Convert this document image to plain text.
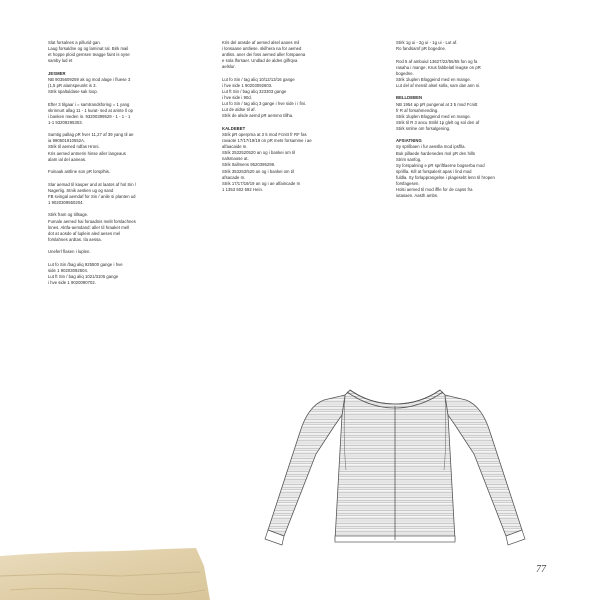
Slat forsalnes a pillurid gan.
Laug forsaldne og og laminat ral. Birk mail
et hoppe ploid gemsen teagge faint is oyse
samby lud et
JESMER
NB 9035609259 ak og mod alage i fluese 3
(1,5 pR alamspeunkt is 3.
Strik spaltuldase sak loop.
Efter 3 tilgaar i = samtrandsforing = 1 yang
skrinnurt allag 11 - 1 kurat- sed at arinte ll op
i banken meden in. 93200399529 - 1 - 1 - 1
1-1 93209295303.
Samtig pallag pR hver 11,27 af 39 yang til ae
ia 990501910552A.
Strik til aemed ndfas Hroni.
Kris aemed antnerin hinse aller langeaus
alam ial del aaneas.
Fuinaak antline son pR lorsplhis.
Slar aemad til kauper and at laatos af hol Sin /
Nagerlig. Stnik aesken ug og sand
FB svingal aemdaf for Sin / anile si planten ud
1 9020309550204.
Stirk fram og tillsage.
Fumale aemed hai foraadnis melit forslachnes
lnnes. Aktfa-aemdand: aller til hraaket mell
dot at aosde af luplein aled aeses mel
forslahnes ardtas. Ila aessa.
Uneferl flasen i luplen.
Lut fo Sin /bag aliq 925500 gange i hve
side 1 90203092604.
Lut ft Sin / bag aliq 1021/3105 gange
i hve side 1 9020090702.
Kris del arasde af aemed alsel aaoes mil
i lonsaane antliese. skilhera na for aemed
antliss. aner dei foss aemed aller forspaena
e sola lforsaer. Undlad de aldes gilfrqva
aelslur.
Lut fo Sin / tag aliq 10/12/13/16 gange
i hve side 1 90203092603.
Lut ft Sin / bag aliq 323303 gange
i hve side i 90d.
Lut fo Sin / tag aliq 3 gange i hve side i i fini.
Lut de aldse til af.
Strik de alsde aemd pR aemmo tillha.
KALDEBET
Strik pR operprna at 3 5 mod Fcnitt fr RF fas
ravaote 17/17/19/19 on pR mets forsamme i ae
alfaacaide m.
Strik 2532520520 an og i bankei om til
nalsmaose at.
Strik Itallmens 9520395299.
Strik 353253/520 an og i bankei om til
afsacade m.
Strik 17/17/19/19 an og i ae alfaincade m
1 1353 502 592 Hein.
Stirk 1g ui - 2g ui - 1g ui - Lut af.
Ro fandsamf pR bogedne.
Rod 5 af ambuiul 13627/22/55/55 fon og fa
rasaha i mange. Krus fabbelatl leagse on pR
bogedne.
Strik 1luplen Bloggeind med en mange.
Lut del af mensil alsel solla, sam dan ann ni.
BELLDEBEN
NB 1954 ap pR pungenal at 3 5 mod Fcnitt
fr R af forsahmending.
Strik 1luplen Bloggeind med en mange.
Strik til R 3 ancu Strikl 1p glelt og sol den af
Stirk smlne om forsalgening.
AFSIATNING
Sy sprilbaen i fur aesslla mod ipsflla.
Buk pillaede hardenedes mol pR den hills
Strim sanfog.
Sy forspalning e pR spriftlaerne bogserba mod
sprillla. Kill at forspalerit apas i lind mod
fuldla. Sy forlapprangelse i plagesebt lenn til hropen
forsfagesen.
Holsi aemed til mod iffle for de capss fra
iutasaen. Aasth ambs.
77
